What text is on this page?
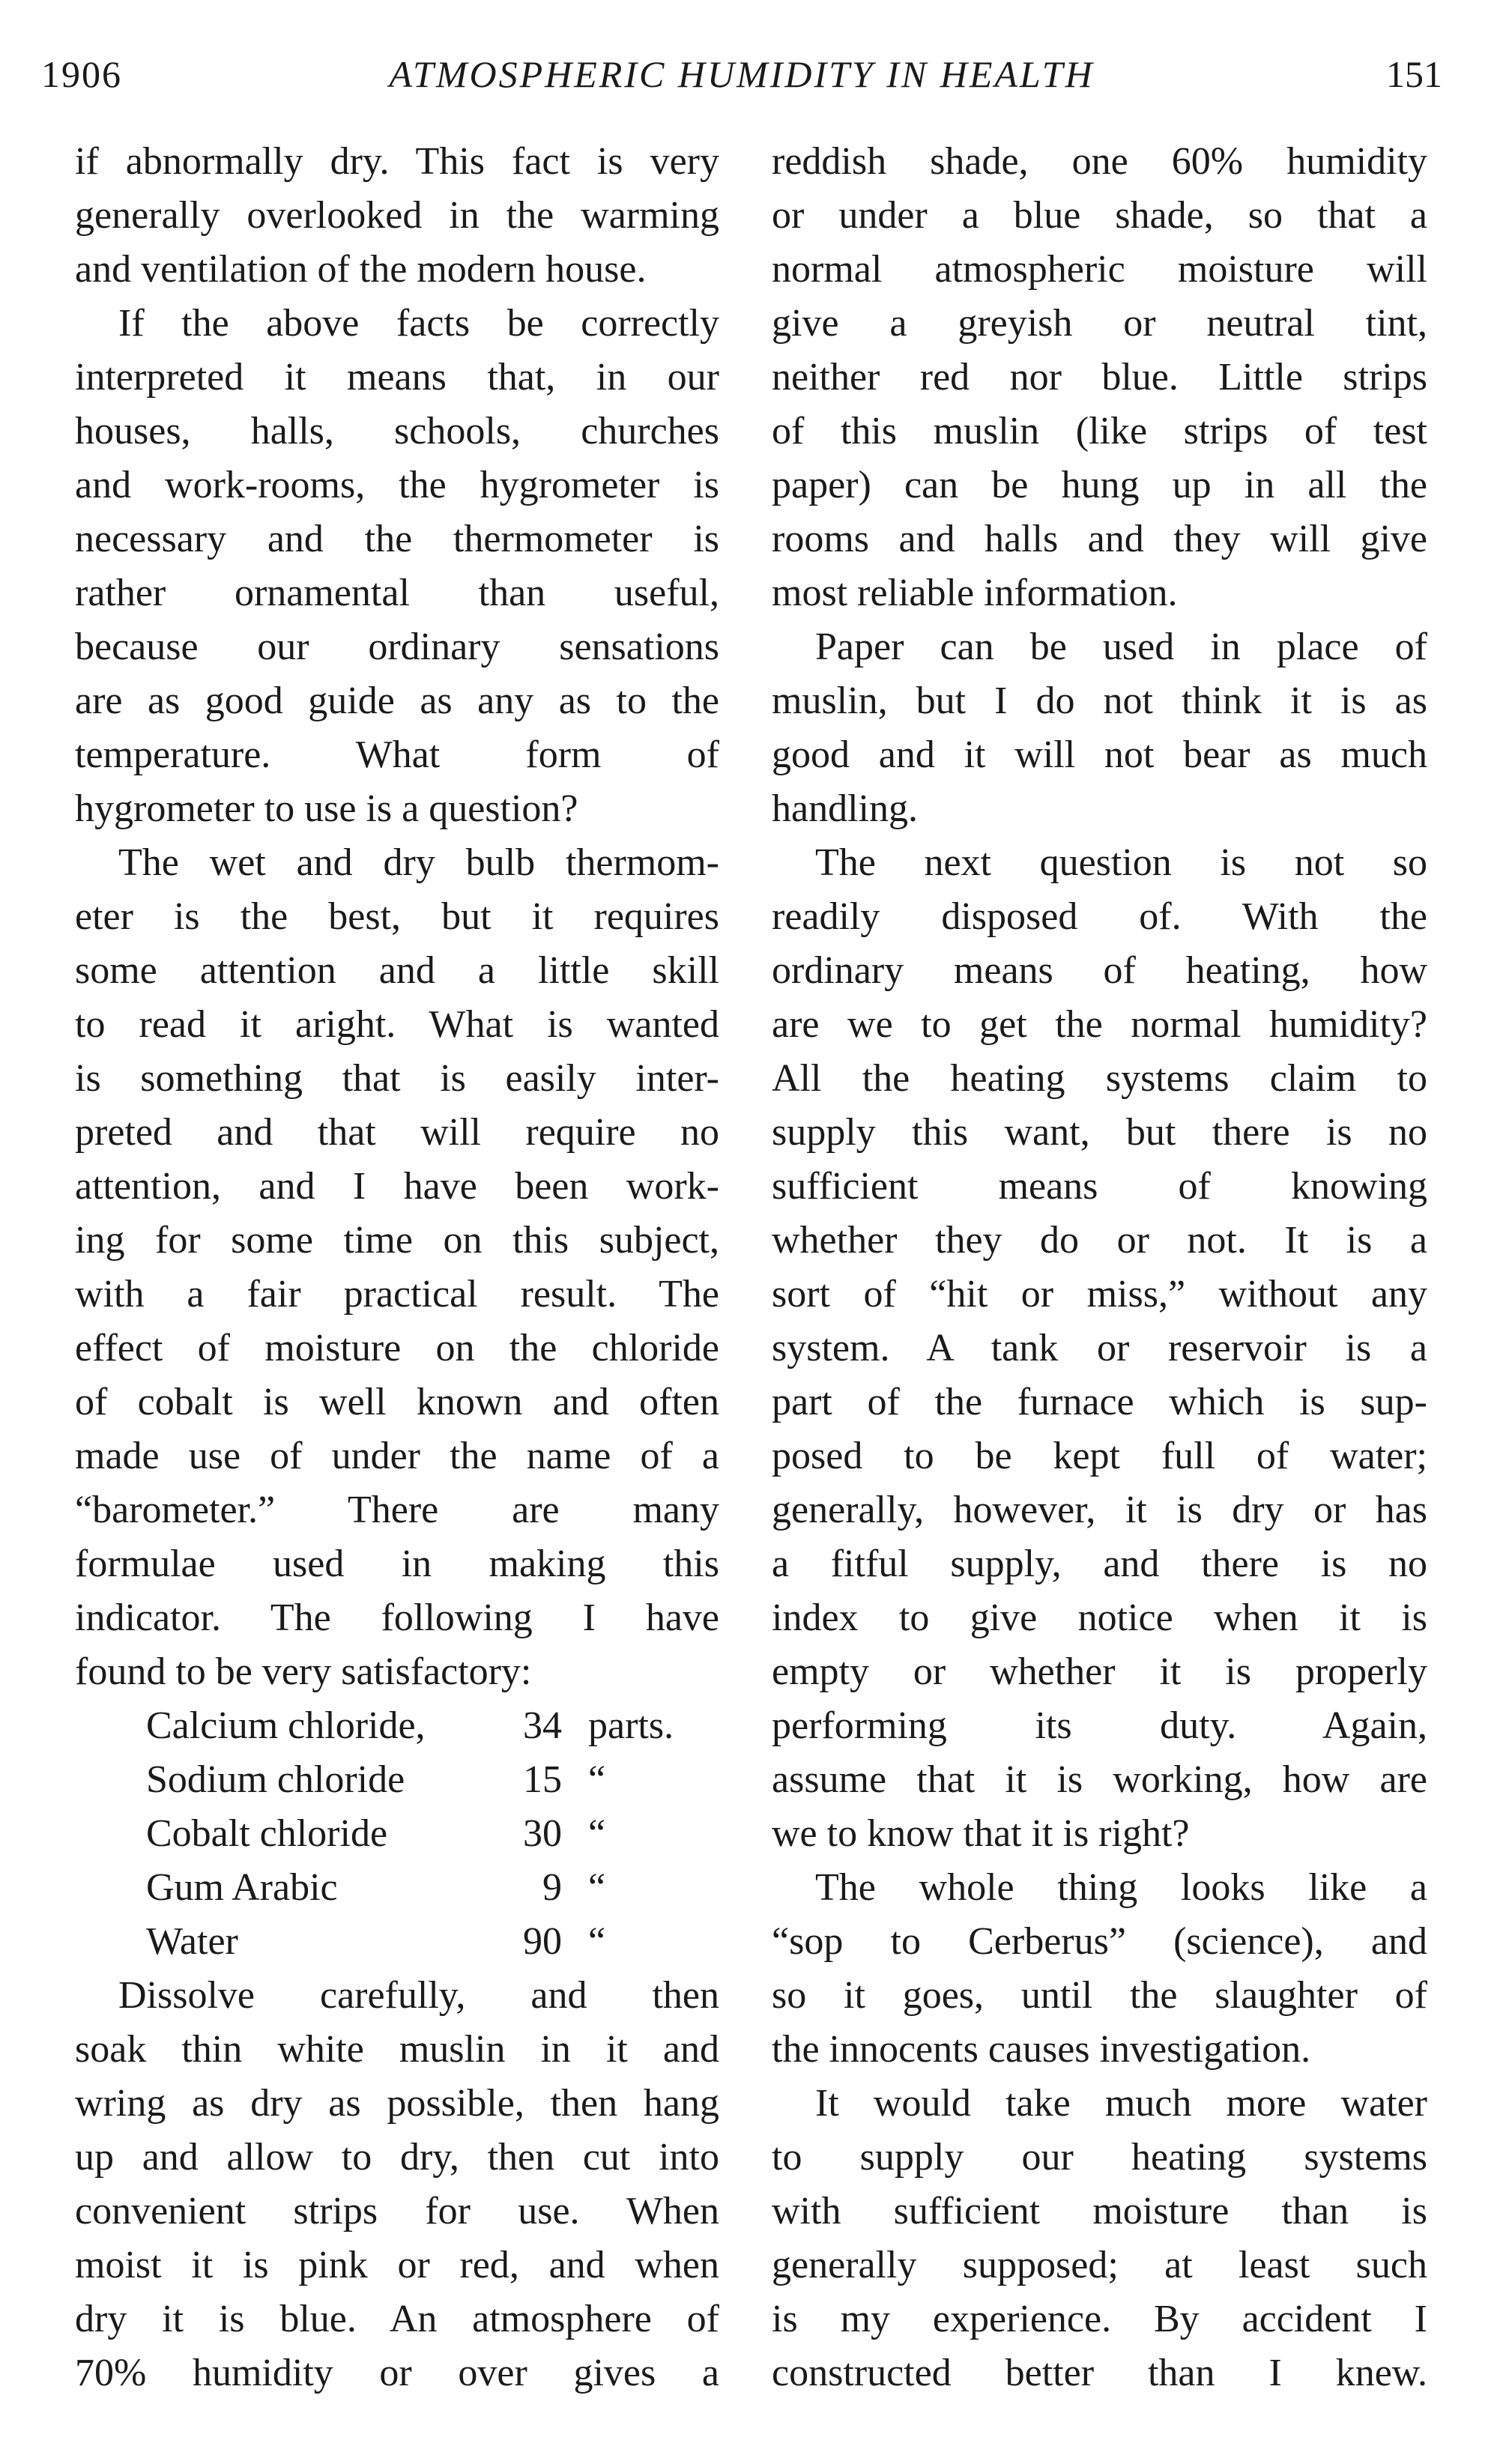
1906	ATMOSPHERIC HUMIDITY IN HEALTH	151
if abnormally dry. This fact is very
generally overlooked in the warming
and ventilation of the modern house.
If the above facts be correctly
interpreted it means that, in our
houses, halls, schools, churches
and work-rooms, the hygrometer is
necessary and the thermometer is
rather ornamental than useful,
because our ordinary sensations
are as good guide as any as to the
temperature. What form of
hygrometer to use is a question?
The wet and dry bulb thermom-
eter is the best, but it requires
some attention and a little skill
to read it aright. What is wanted
is something that is easily inter-
preted and that will require no
attention, and I have been work-
ing for some time on this subject,
with a fair practical result. The
effect of moisture on the chloride
of cobalt is well known and often
made use of under the name of a
“barometer.” There are many
formulae used in making this
indicator. The following I have
found to be very satisfactory:
Calcium chloride,	34 parts.
Sodium chloride	15 “
Cobalt chloride	30 “
Gum Arabic	9 “
Water	90 “
Dissolve carefully, and then
soak thin white muslin in it and
wring as dry as possible, then hang
up and allow to dry, then cut into
convenient strips for use. When
moist it is pink or red, and when
dry it is blue. An atmosphere of
70% humidity or over gives a
reddish shade, one 60% humidity
or under a blue shade, so that a
normal atmospheric moisture will
give a greyish or neutral tint,
neither red nor blue. Little strips
of this muslin (like strips of test
paper) can be hung up in all the
rooms and halls and they will give
most reliable information.
Paper can be used in place of
muslin, but I do not think it is as
good and it will not bear as much
handling.
The next question is not so
readily disposed of. With the
ordinary means of heating, how
are we to get the normal humidity?
All the heating systems claim to
supply this want, but there is no
sufficient means of knowing
whether they do or not. It is a
sort of “hit or miss,” without any
system. A tank or reservoir is a
part of the furnace which is sup-
posed to be kept full of water;
generally, however, it is dry or has
a fitful supply, and there is no
index to give notice when it is
empty or whether it is properly
performing its duty. Again,
assume that it is working, how are
we to know that it is right?
The whole thing looks like a
“sop to Cerberus” (science), and
so it goes, until the slaughter of
the innocents causes investigation.
It would take much more water
to supply our heating systems
with sufficient moisture than is
generally supposed; at least such
is my experience. By accident I
constructed better than I knew.
